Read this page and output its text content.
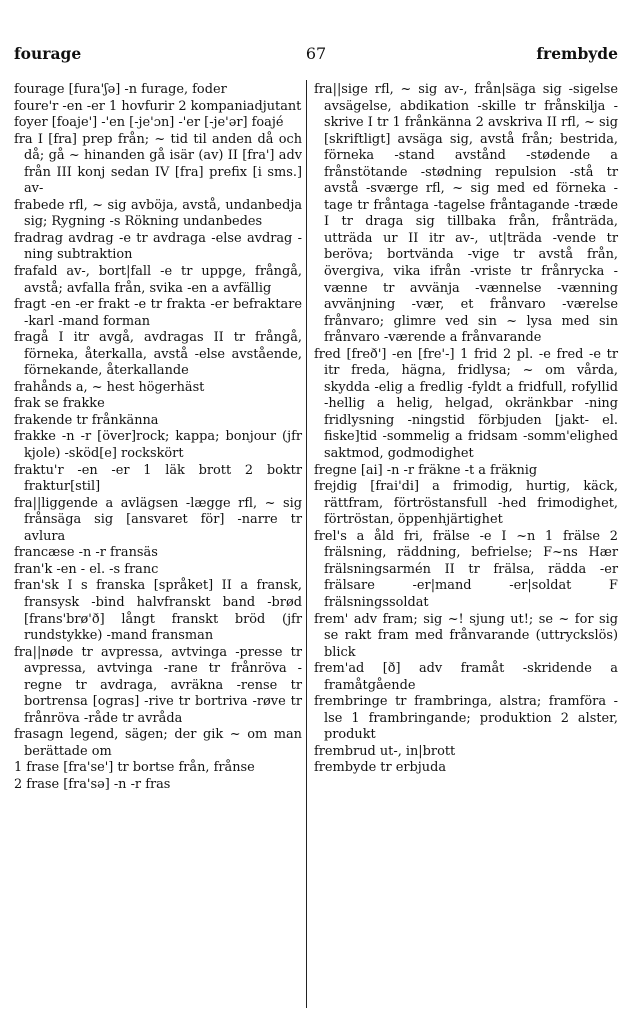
fourage	67	frembyde
fourage [fura'ʃə] -n furage, foder
foure'r -en -er 1 hovfurir 2 kompaniadjutant
foyer [foaje'] -'en [-je'ɔn] -'er [-je'ər] foajé
fra I [fra] prep från; ~ tid til anden då och då; gå ~ hinanden gå isär (av) II [fra'] adv från III konj sedan IV [fra] prefix [i sms.] av-
frabede rfl, ~ sig avböja, avstå, undanbedja sig; Rygning -s Rökning undanbedes
fradrag avdrag -e tr avdraga -else avdrag -ning subtraktion
frafald av-, bort|fall -e tr uppge, frångå, avstå; avfalla från, svika -en a avfällig
fragt -en -er frakt -e tr frakta -er befraktare -karl -mand forman
fragå I itr avgå, avdragas II tr frångå, förneka, återkalla, avstå -else avstående, förnekande, återkallande
frahånds a, ~ hest högerhäst
frak se frakke
frakende tr frånkänna
frakke -n -r [över]rock; kappa; bonjour (jfr kjole) -sköd[e] rockskört
fraktu'r -en -er 1 läk brott 2 boktr fraktur[stil]
fra||liggende a avlägsen -lægge rfl, ~ sig frånsäga sig [ansvaret för] -narre tr avlura
francæse -n -r fransäs
fran'k -en - el. -s franc
fran'sk I s franska [språket] II a fransk, fransysk -bind halvfranskt band -brød [frans'brø'ð] långt franskt bröd (jfr rundstykke) -mand fransman
fra||nøde tr avpressa, avtvinga -presse tr avpressa, avtvinga -rane tr frånröva -regne tr avdraga, avräkna -rense tr bortrensa [ogras] -rive tr bortriva -røve tr frånröva -råde tr avråda
frasagn legend, sägen; der gik ~ om man berättade om
1 frase [fra'se'] tr bortse från, frånse
2 frase [fra'sə] -n -r fras
fra||sige rfl, ~ sig av-, från|säga sig -sigelse avsägelse, abdikation -skille tr frånskilja -skrive I tr 1 frånkänna 2 avskriva II rfl, ~ sig [skriftligt] avsäga sig, avstå från; bestrida, förneka -stand avstånd -stødende a frånstötande -stødning repulsion -stå tr avstå -sværge rfl, ~ sig med ed förneka -tage tr fråntaga -tagelse fråntagande -træde I tr draga sig tillbaka från, frånträda, utträda ur II itr av-, ut|träda -vende tr beröva; bortvända -vige tr avstå från, övergiva, vika ifrån -vriste tr frånrycka -vænne tr avvänja -vænnelse -vænning avvänjning -vær, et frånvaro -værelse frånvaro; glimre ved sin ~ lysa med sin frånvaro -værende a frånvarande
fred [freð'] -en [fre'-] 1 frid 2 pl. -e fred -e tr itr freda, hägna, fridlysa; ~ om vårda, skydda -elig a fredlig -fyldt a fridfull, rofyllid -hellig a helig, helgad, okränkbar -ning fridlysning -ningstid förbjuden [jakt- el. fiske]tid -sommelig a fridsam -somm'elighed saktmod, godmodighet
fregne [ai] -n -r fräkne -t a fräknig
frejdig [frai'di] a frimodig, hurtig, käck, rättfram, förtröstansfull -hed frimodighet, förtröstan, öppenhjärtighet
frel's a åld fri, frälse -e I ~n 1 frälse 2 frälsning, räddning, befrielse; F~ns Hær frälsningsarmén II tr frälsa, rädda -er frälsare -er|mand -er|soldat F frälsningssoldat
frem' adv fram; sig ~! sjung ut!; se ~ for sig se rakt fram med frånvarande (uttryckslös) blick
frem'ad [ð] adv framåt -skridende a framåtgående
frembringe tr frambringa, alstra; framföra -lse 1 frambringande; produktion 2 alster, produkt
frembrud ut-, in|brott
frembyde tr erbjuda
